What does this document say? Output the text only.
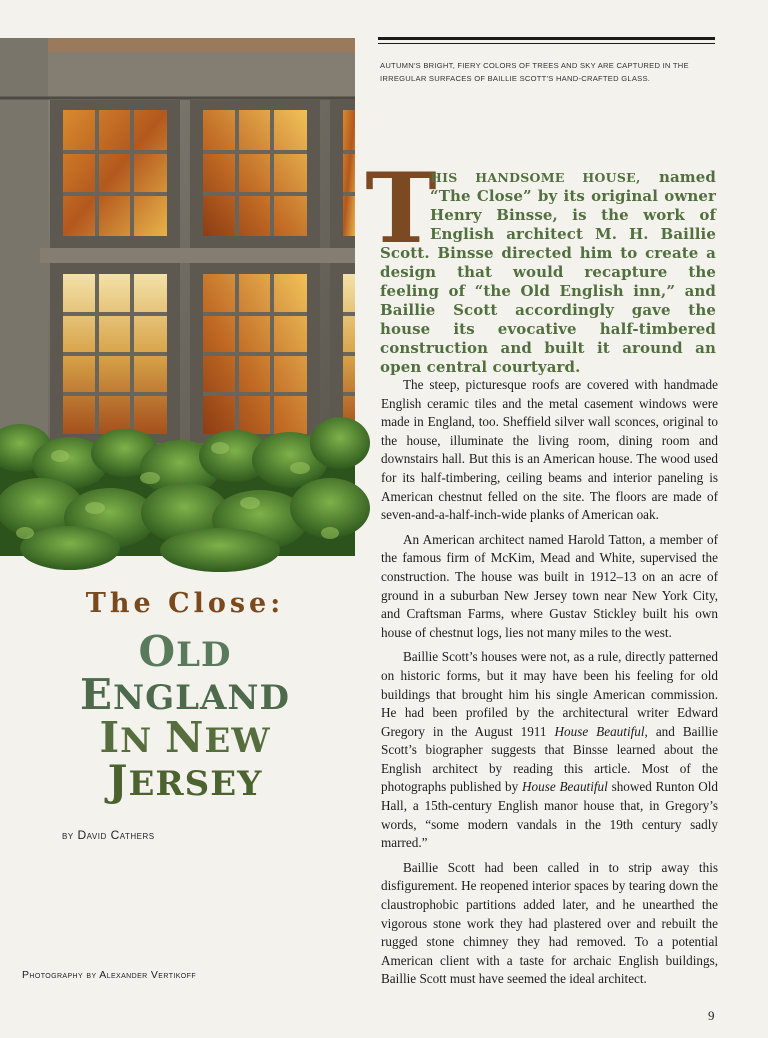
The Close:
OLD
ENGLAND
IN NEW
JERSEY

by David Cathers

Photography by Alexander Vertikoff

AUTUMN'S BRIGHT, FIERY COLORS OF TREES AND SKY ARE CAPTURED IN THE IRREGULAR SURFACES OF BAILLIE SCOTT'S HAND-CRAFTED GLASS.

T

HIS HANDSOME HOUSE, named “The Close” by its original owner Henry Binsse, is the work of English architect M. H. Baillie Scott. Binsse directed him to create a design that would recapture the feeling of “the Old English inn,” and Baillie Scott accordingly gave the house its evocative half-timbered construction and built it around an open central courtyard.

The steep, picturesque roofs are covered with handmade English ceramic tiles and the metal casement windows were made in England, too. Sheffield silver wall sconces, original to the house, illuminate the living room, dining room and downstairs hall. But this is an American house. The wood used for its half-timbering, ceiling beams and interior paneling is American chestnut felled on the site. The floors are made of seven-and-a-half-inch-wide planks of American oak.

An American architect named Harold Tatton, a member of the famous firm of McKim, Mead and White, supervised the construction. The house was built in 1912–13 on an acre of ground in a suburban New Jersey town near New York City, and Craftsman Farms, where Gustav Stickley built his own house of chestnut logs, lies not many miles to the west.

Baillie Scott’s houses were not, as a rule, directly patterned on historic forms, but it may have been his feeling for old buildings that brought him his single American commission. He had been profiled by the architectural writer Edward Gregory in the August 1911 House Beautiful, and Baillie Scott’s biographer suggests that Binsse learned about the English architect by reading this article. Most of the photographs published by House Beautiful showed Runton Old Hall, a 15th-century English manor house that, in Gregory’s words, “some modern vandals in the 19th century sadly marred.”

Baillie Scott had been called in to strip away this disfigurement. He reopened interior spaces by tearing down the claustrophobic partitions added later, and he unearthed the vigorous stone work they had plastered over and rebuilt the rugged stone chimney they had removed. To a potential American client with a taste for archaic English buildings, Baillie Scott must have seemed the ideal architect.

9
